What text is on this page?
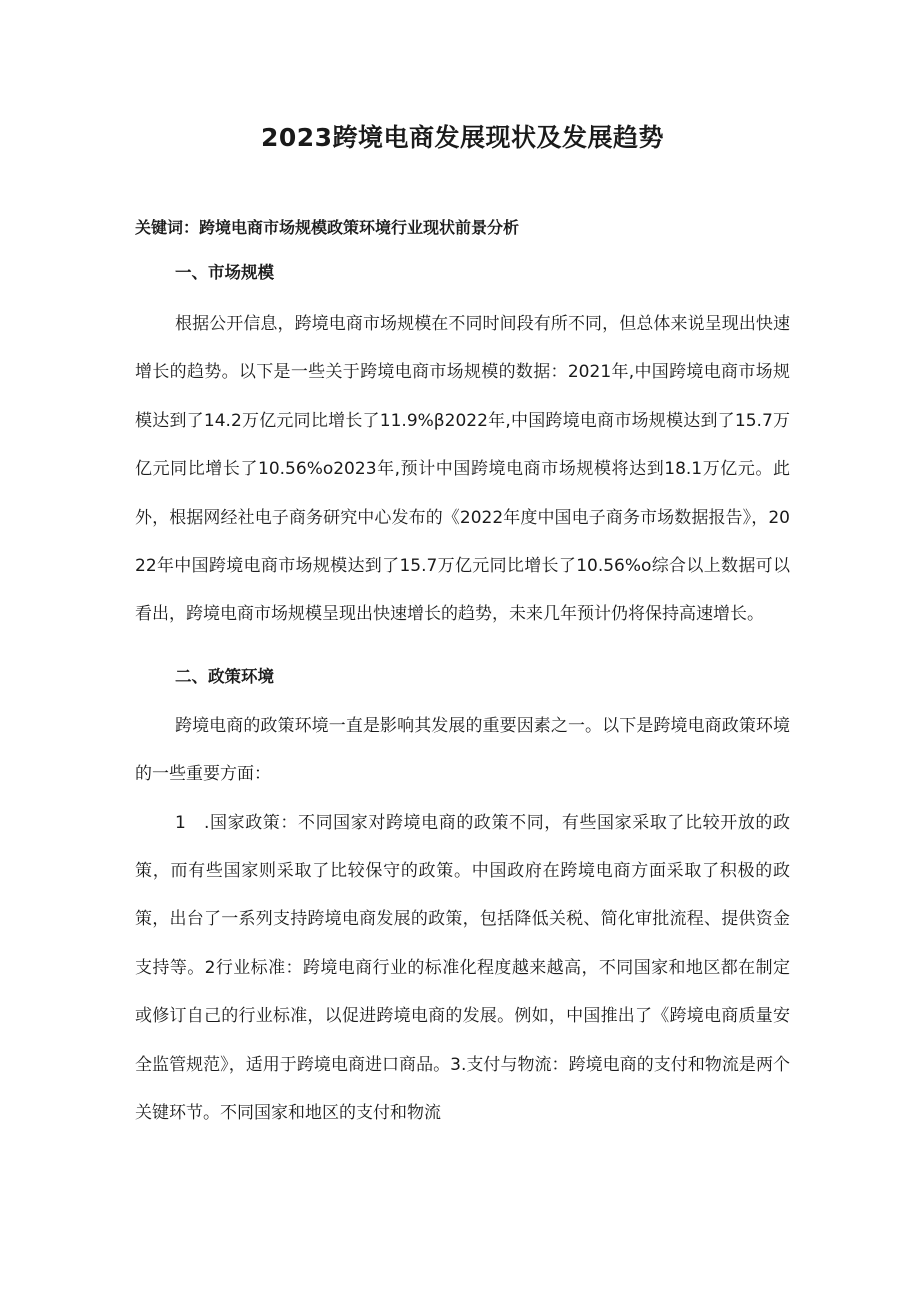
2023跨境电商发展现状及发展趋势

关键词：跨境电商市场规模政策环境行业现状前景分析

一、市场规模

根据公开信息，跨境电商市场规模在不同时间段有所不同，但总体来说呈现出快速增长的趋势。以下是一些关于跨境电商市场规模的数据：2021年,中国跨境电商市场规模达到了14.2万亿元同比增长了11.9%β2022年,中国跨境电商市场规模达到了15.7万亿元同比增长了10.56%o2023年,预计中国跨境电商市场规模将达到18.1万亿元。此外，根据网经社电子商务研究中心发布的《2022年度中国电子商务市场数据报告》，2022年中国跨境电商市场规模达到了15.7万亿元同比增长了10.56%o综合以上数据可以看出，跨境电商市场规模呈现出快速增长的趋势，未来几年预计仍将保持高速增长。

二、政策环境

跨境电商的政策环境一直是影响其发展的重要因素之一。以下是跨境电商政策环境的一些重要方面：

1　.国家政策：不同国家对跨境电商的政策不同，有些国家采取了比较开放的政策，而有些国家则采取了比较保守的政策。中国政府在跨境电商方面采取了积极的政策，出台了一系列支持跨境电商发展的政策，包括降低关税、简化审批流程、提供资金支持等。2行业标准：跨境电商行业的标准化程度越来越高，不同国家和地区都在制定或修订自己的行业标准，以促进跨境电商的发展。例如，中国推出了《跨境电商质量安全监管规范》，适用于跨境电商进口商品。3.支付与物流：跨境电商的支付和物流是两个关键环节。不同国家和地区的支付和物流
